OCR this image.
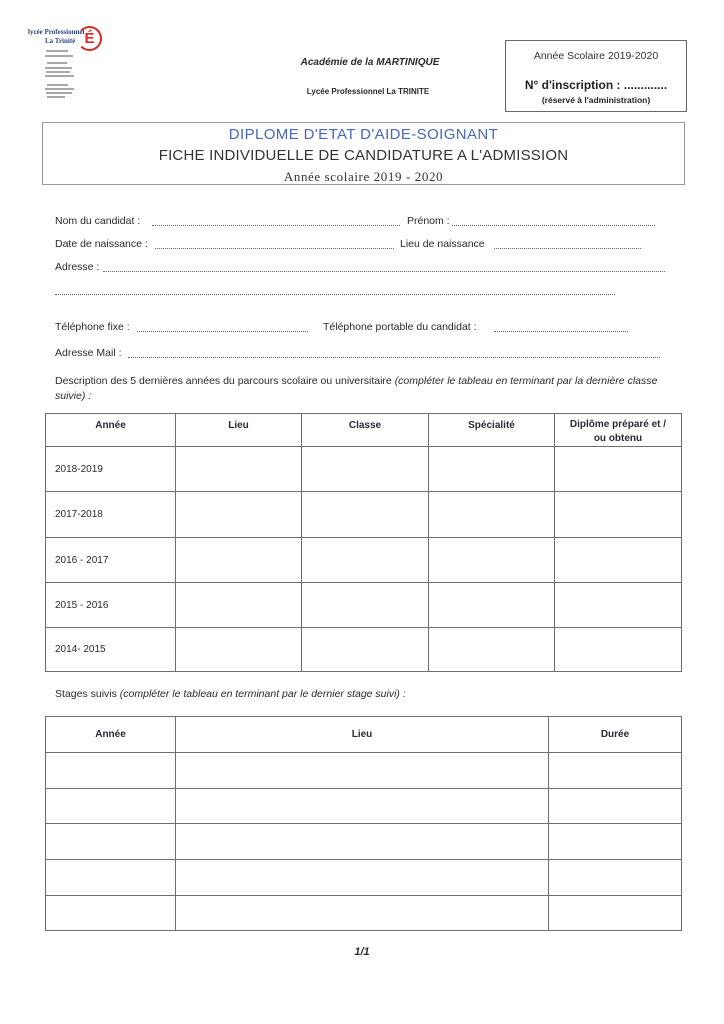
lycée Professionnel
La Trinité É
Académie de la MARTINIQUE
Lycée Professionnel La TRINITE
Année Scolaire 2019-2020
N° d'inscription : .............
(réservé à l'administration)
DIPLOME D'ETAT D'AIDE-SOIGNANT
FICHE INDIVIDUELLE DE CANDIDATURE A L'ADMISSION
Année scolaire 2019 - 2020
Nom du candidat :	Prénom :
Date de naissance :	Lieu de naissance
Adresse :
Téléphone fixe :	Téléphone portable du candidat :
Adresse Mail :
Description des 5 dernières années du parcours scolaire ou universitaire (compléter le tableau en terminant par la dernière classe suivie) :
Année	Lieu	Classe	Spécialité	Diplôme préparé et / ou obtenu
2018-2019				
2017-2018				
2016 - 2017				
2015 - 2016				
2014- 2015				
Stages suivis (compléter le tableau en terminant par le dernier stage suivi) :
Année	Lieu	Durée

1/1
